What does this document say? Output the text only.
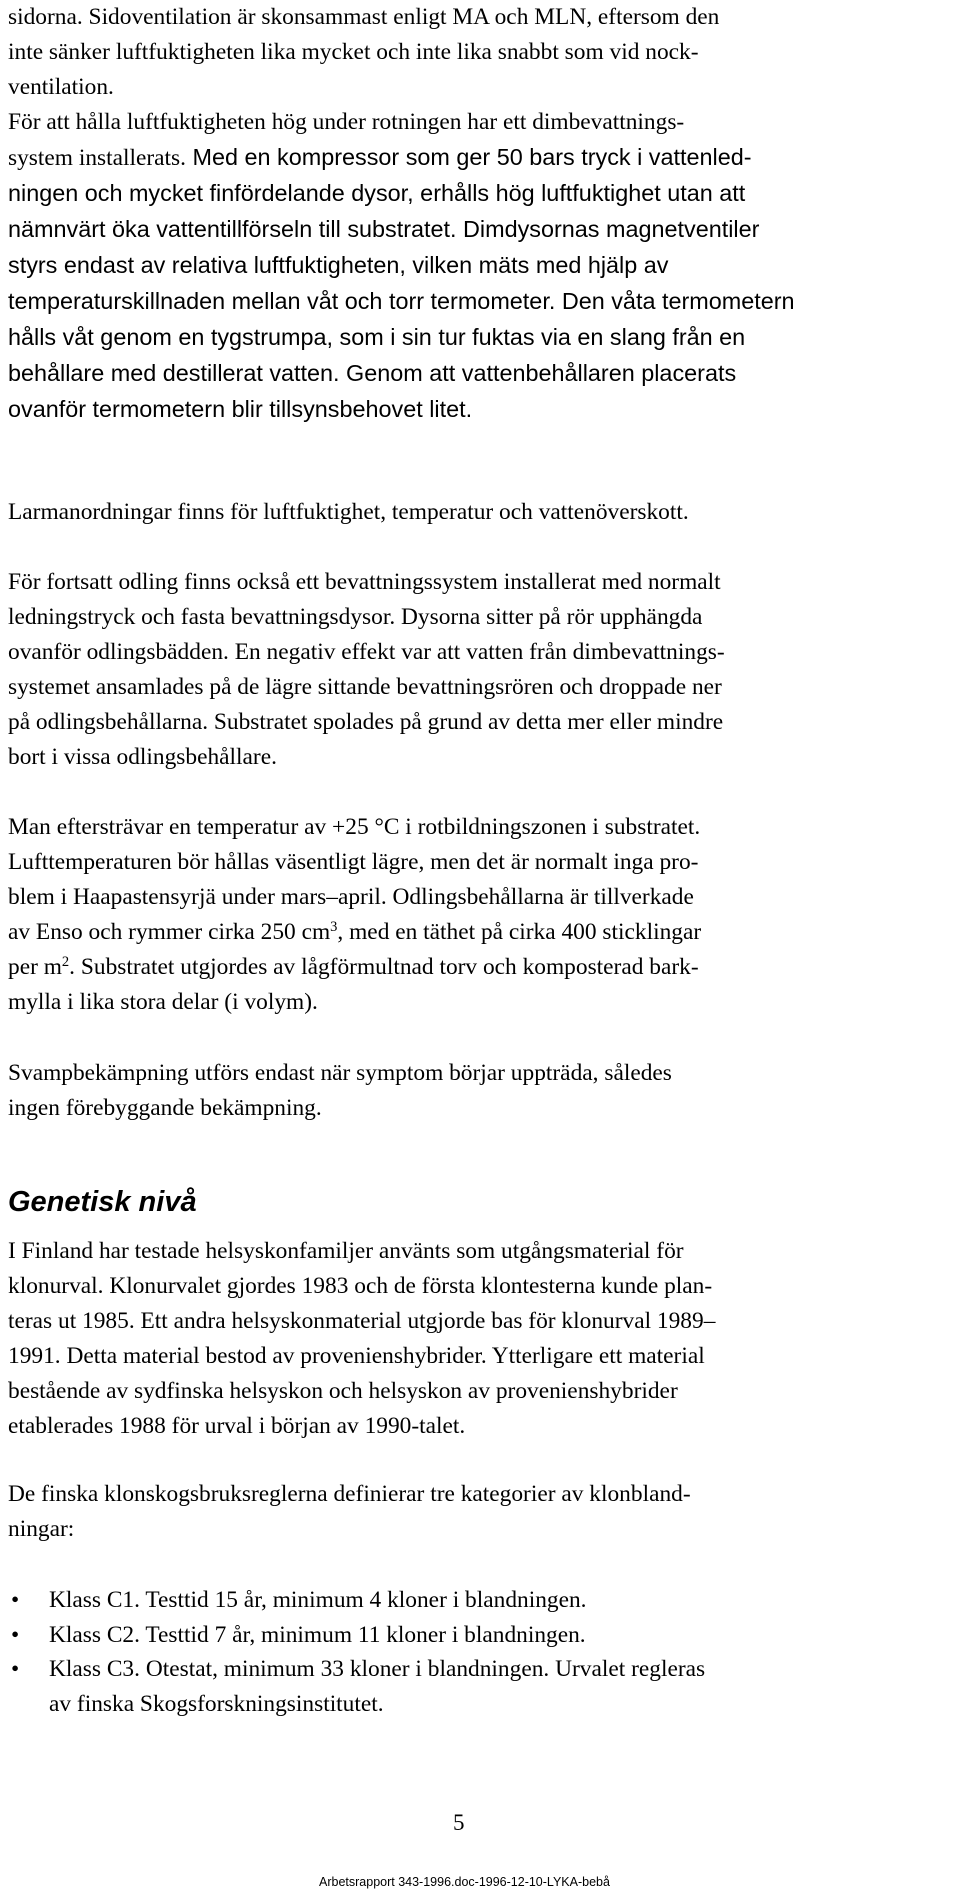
sidorna. Sidoventilation är skonsammast enligt MA och MLN, eftersom den
inte sänker luftfuktigheten lika mycket och inte lika snabbt som vid nock-
ventilation.

För att hålla luftfuktigheten hög under rotningen har ett dimbevattnings-
system installerats. Med en kompressor som ger 50 bars tryck i vattenled-
ningen och mycket finfördelande dysor, erhålls hög luftfuktighet utan att
nämnvärt öka vattentillförseln till substratet. Dimdysornas magnetventiler
styrs endast av relativa luftfuktigheten, vilken mäts med hjälp av
temperaturskillnaden mellan våt och torr termometer. Den våta termometern
hålls våt genom en tygstrumpa, som i sin tur fuktas via en slang från en
behållare med destillerat vatten. Genom att vattenbehållaren placerats
ovanför termometern blir tillsynsbehovet litet.

Larmanordningar finns för luftfuktighet, temperatur och vattenöverskott.

För fortsatt odling finns också ett bevattningssystem installerat med normalt
ledningstryck och fasta bevattningsdysor. Dysorna sitter på rör upphängda
ovanför odlingsbädden. En negativ effekt var att vatten från dimbevattnings-
systemet ansamlades på de lägre sittande bevattningsrören och droppade ner
på odlingsbehållarna. Substratet spolades på grund av detta mer eller mindre
bort i vissa odlingsbehållare.

Man eftersträvar en temperatur av +25 °C i rotbildningszonen i substratet.
Lufttemperaturen bör hållas väsentligt lägre, men det är normalt inga pro-
blem i Haapastensyrjä under mars–april. Odlingsbehållarna är tillverkade
av Enso och rymmer cirka 250 $cm^3$, med en täthet på cirka 400 sticklingar
per $m^2$. Substratet utgjordes av lågförmultnad torv och komposterad bark-
mylla i lika stora delar (i volym).

Svampbekämpning utförs endast när symptom börjar uppträda, således
ingen förebyggande bekämpning.

Genetisk nivå

I Finland har testade helsyskonfamiljer använts som utgångsmaterial för
klonurval. Klonurvalet gjordes 1983 och de första klontesterna kunde plan-
teras ut 1985. Ett andra helsyskonmaterial utgjorde bas för klonurval 1989–
1991. Detta material bestod av provenienshybrider. Ytterligare ett material
bestående av sydfinska helsyskon och helsyskon av provenienshybrider
etablerades 1988 för urval i början av 1990-talet.

De finska klonskogsbruksreglerna definierar tre kategorier av klonbland-
ningar:

• Klass C1. Testtid 15 år, minimum 4 kloner i blandningen.
• Klass C2. Testtid 7 år, minimum 11 kloner i blandningen.
• Klass C3. Otestat, minimum 33 kloner i blandningen. Urvalet regleras
av finska Skogsforskningsinstitutet.
5
Arbetsrapport 343-1996.doc-1996-12-10-LYKA-bebå
